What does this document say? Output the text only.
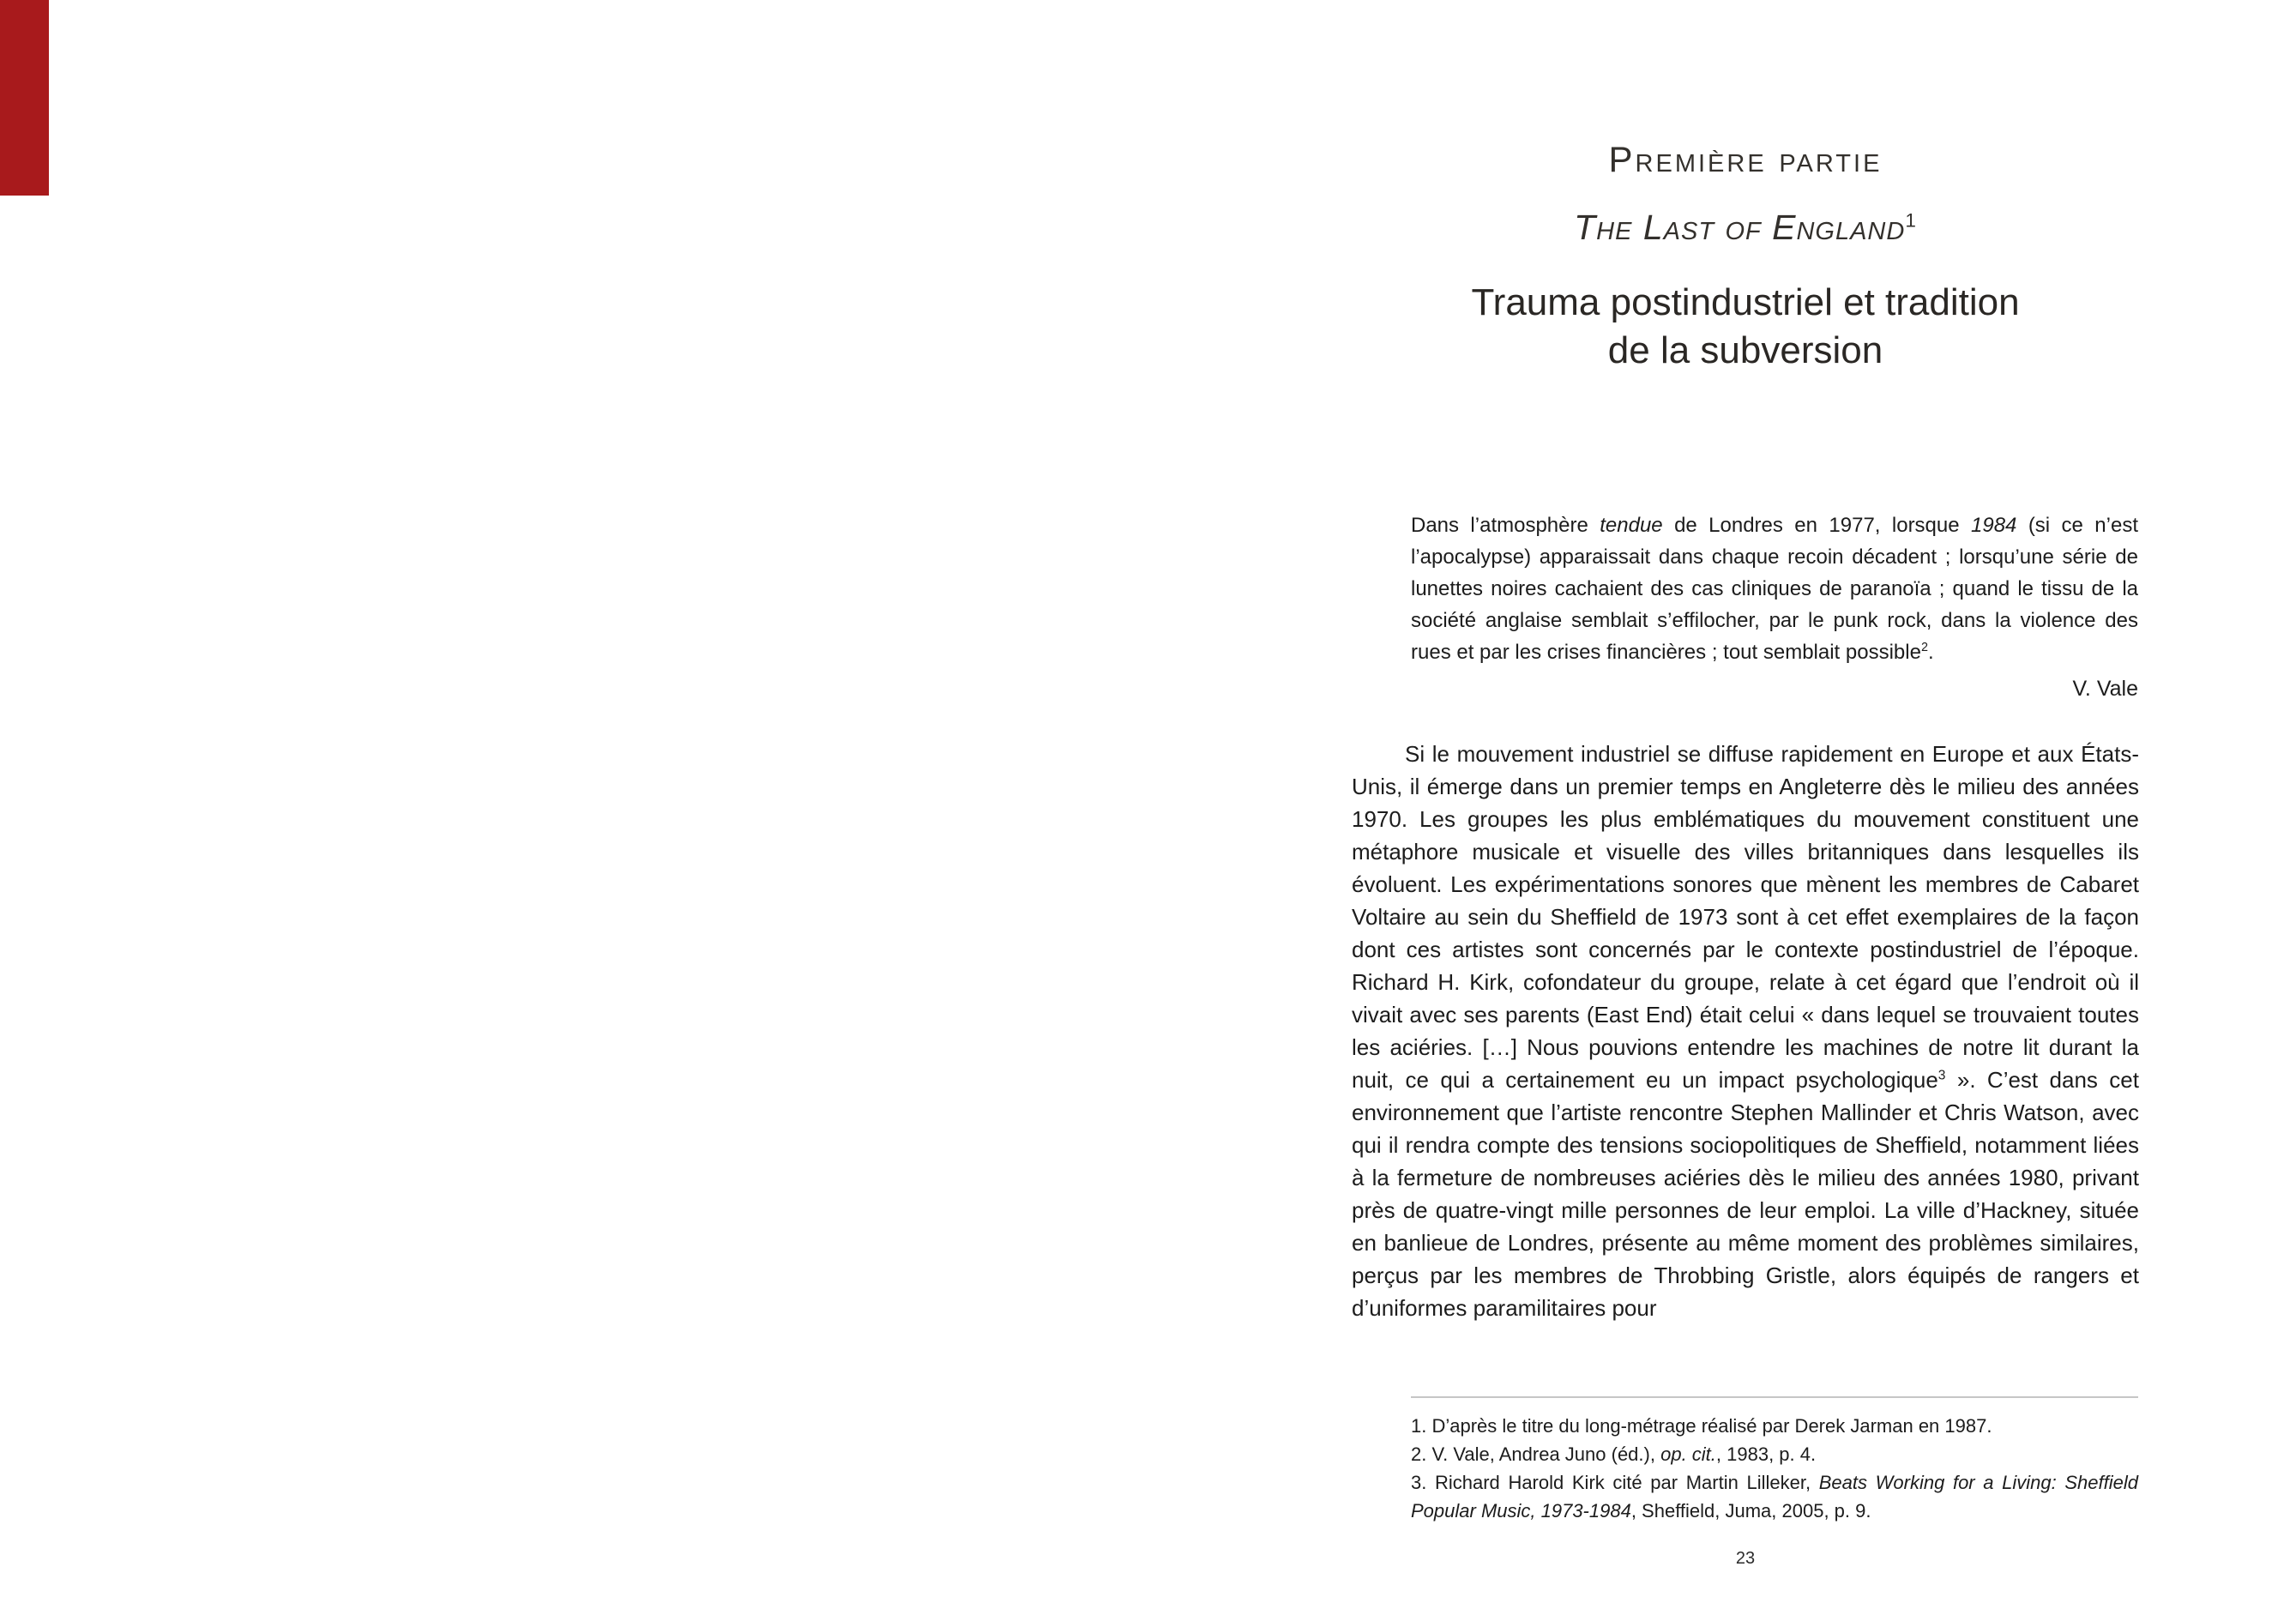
Première partie
The Last of England$^1$
Trauma postindustriel et tradition
de la subversion
Dans l’atmosphère tendue de Londres en 1977, lorsque 1984 (si ce n’est l’apocalypse) apparaissait dans chaque recoin décadent ; lorsqu’une série de lunettes noires cachaient des cas cliniques de paranoïa ; quand le tissu de la société anglaise semblait s’effilocher, par le punk rock, dans la violence des rues et par les crises financières ; tout semblait possible$^2$.
V. Vale
Si le mouvement industriel se diffuse rapidement en Europe et aux États-Unis, il émerge dans un premier temps en Angleterre dès le milieu des années 1970. Les groupes les plus emblématiques du mouvement constituent une métaphore musicale et visuelle des villes britanniques dans lesquelles ils évoluent. Les expérimentations sonores que mènent les membres de Cabaret Voltaire au sein du Sheffield de 1973 sont à cet effet exemplaires de la façon dont ces artistes sont concernés par le contexte postindustriel de l’époque. Richard H. Kirk, cofondateur du groupe, relate à cet égard que l’endroit où il vivait avec ses parents (East End) était celui « dans lequel se trouvaient toutes les aciéries. […] Nous pouvions entendre les machines de notre lit durant la nuit, ce qui a certainement eu un impact psychologique$^3$ ». C’est dans cet environnement que l’artiste rencontre Stephen Mallinder et Chris Watson, avec qui il rendra compte des tensions sociopolitiques de Sheffield, notamment liées à la fermeture de nombreuses aciéries dès le milieu des années 1980, privant près de quatre-vingt mille personnes de leur emploi. La ville d’Hackney, située en banlieue de Londres, présente au même moment des problèmes similaires, perçus par les membres de Throbbing Gristle, alors équipés de rangers et d’uniformes paramilitaires pour
1. D’après le titre du long-métrage réalisé par Derek Jarman en 1987.
2. V. Vale, Andrea Juno (éd.), op. cit., 1983, p. 4.
3. Richard Harold Kirk cité par Martin Lilleker, Beats Working for a Living: Sheffield Popular Music, 1973-1984, Sheffield, Juma, 2005, p. 9.
23
